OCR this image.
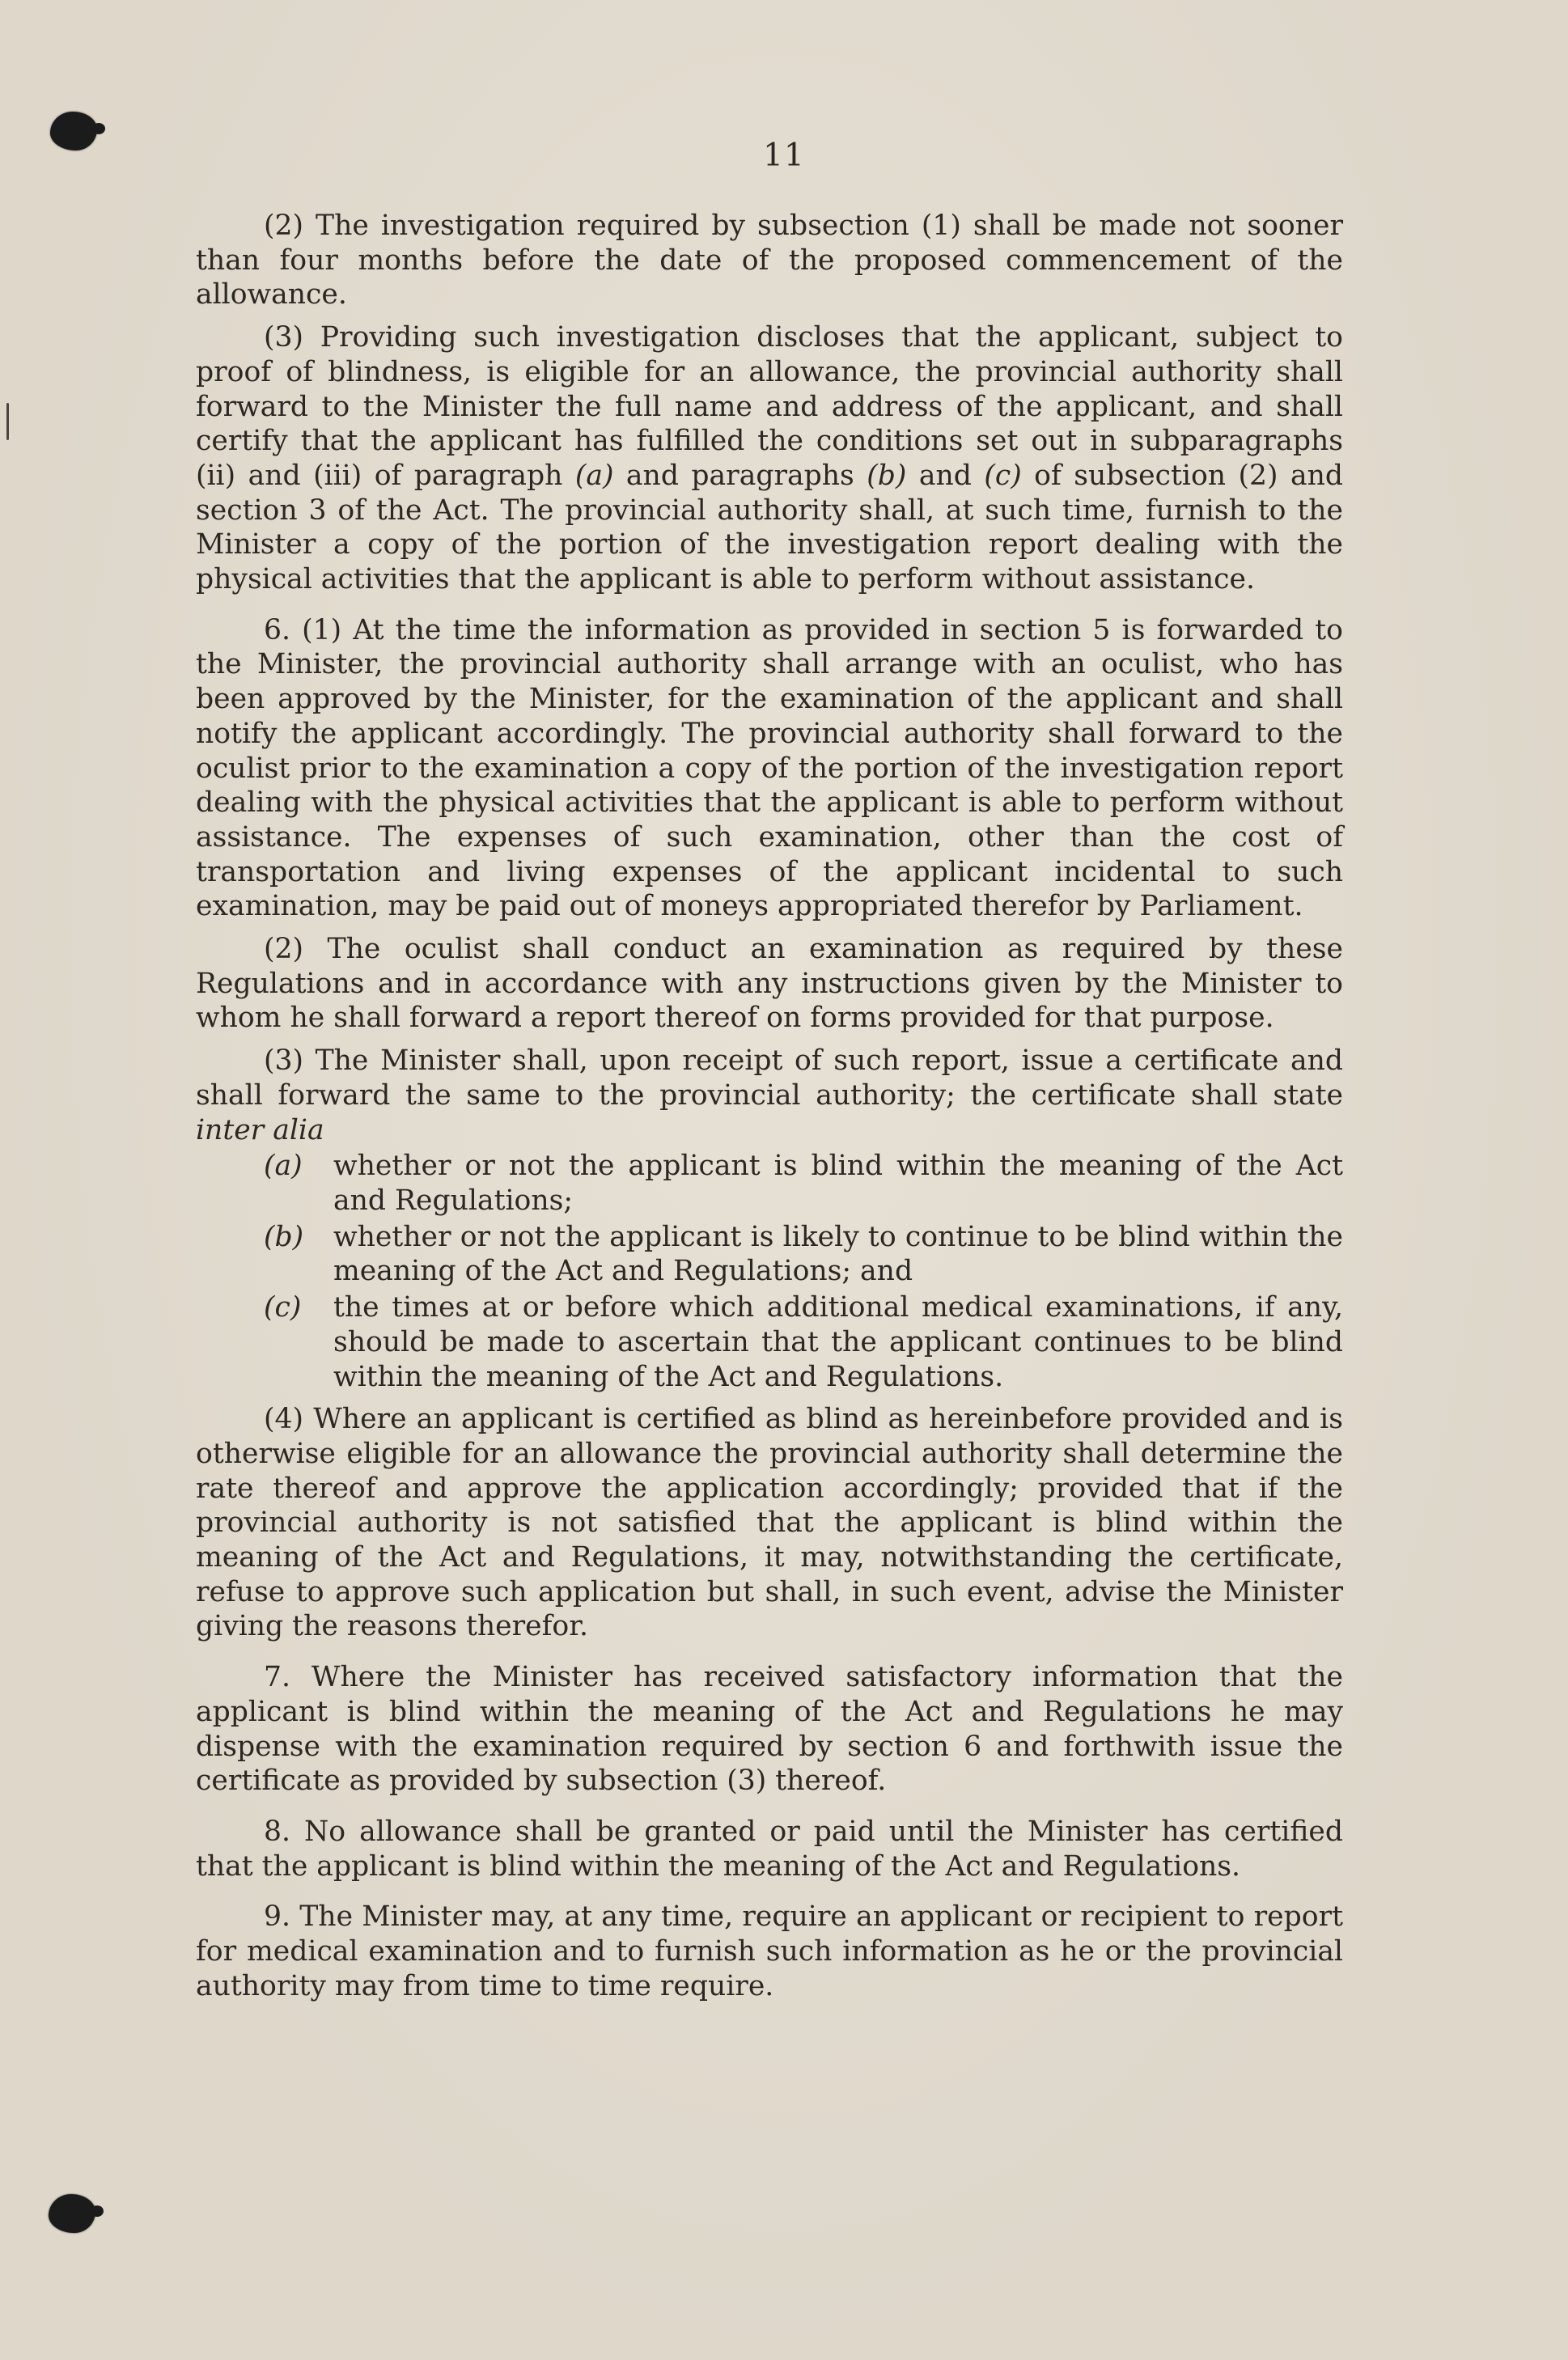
11

(2) The investigation required by subsection (1) shall be made not sooner than four months before the date of the proposed commencement of the allowance.

(3) Providing such investigation discloses that the applicant, subject to proof of blindness, is eligible for an allowance, the provincial authority shall forward to the Minister the full name and address of the applicant, and shall certify that the applicant has fulfilled the conditions set out in subparagraphs (ii) and (iii) of paragraph (a) and paragraphs (b) and (c) of subsection (2) and section 3 of the Act. The provincial authority shall, at such time, furnish to the Minister a copy of the portion of the investigation report dealing with the physical activities that the applicant is able to perform without assistance.

6. (1) At the time the information as provided in section 5 is forwarded to the Minister, the provincial authority shall arrange with an oculist, who has been approved by the Minister, for the examination of the applicant and shall notify the applicant accordingly. The provincial authority shall forward to the oculist prior to the examination a copy of the portion of the investigation report dealing with the physical activities that the applicant is able to perform without assistance. The expenses of such examination, other than the cost of transportation and living expenses of the applicant incidental to such examination, may be paid out of moneys appropriated therefor by Parliament.

(2) The oculist shall conduct an examination as required by these Regulations and in accordance with any instructions given by the Minister to whom he shall forward a report thereof on forms provided for that purpose.

(3) The Minister shall, upon receipt of such report, issue a certificate and shall forward the same to the provincial authority; the certificate shall state inter alia

(a) whether or not the applicant is blind within the meaning of the Act and Regulations;
(b) whether or not the applicant is likely to continue to be blind within the meaning of the Act and Regulations; and
(c) the times at or before which additional medical examinations, if any, should be made to ascertain that the applicant continues to be blind within the meaning of the Act and Regulations.

(4) Where an applicant is certified as blind as hereinbefore provided and is otherwise eligible for an allowance the provincial authority shall determine the rate thereof and approve the application accordingly; provided that if the provincial authority is not satisfied that the applicant is blind within the meaning of the Act and Regulations, it may, notwithstanding the certificate, refuse to approve such application but shall, in such event, advise the Minister giving the reasons therefor.

7. Where the Minister has received satisfactory information that the applicant is blind within the meaning of the Act and Regulations he may dispense with the examination required by section 6 and forthwith issue the certificate as provided by subsection (3) thereof.

8. No allowance shall be granted or paid until the Minister has certified that the applicant is blind within the meaning of the Act and Regulations.

9. The Minister may, at any time, require an applicant or recipient to report for medical examination and to furnish such information as he or the provincial authority may from time to time require.
